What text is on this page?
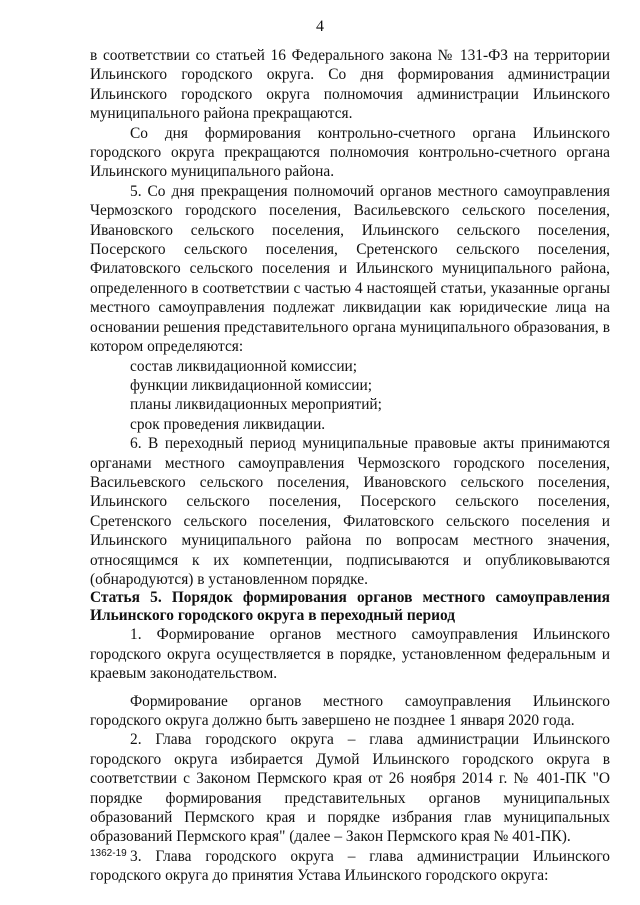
4

в соответствии со статьей 16 Федерального закона № 131-ФЗ на территории Ильинского городского округа. Со дня формирования администрации Ильинского городского округа полномочия администрации Ильинского муниципального района прекращаются.

Со дня формирования контрольно-счетного органа Ильинского городского округа прекращаются полномочия контрольно-счетного органа Ильинского муниципального района.

5. Со дня прекращения полномочий органов местного самоуправления Чермозского городского поселения, Васильевского сельского поселения, Ивановского сельского поселения, Ильинского сельского поселения, Посерского сельского поселения, Сретенского сельского поселения, Филатовского сельского поселения и Ильинского муниципального района, определенного в соответствии с частью 4 настоящей статьи, указанные органы местного самоуправления подлежат ликвидации как юридические лица на основании решения представительного органа муниципального образования, в котором определяются:

состав ликвидационной комиссии;

функции ликвидационной комиссии;

планы ликвидационных мероприятий;

срок проведения ликвидации.

6. В переходный период муниципальные правовые акты принимаются органами местного самоуправления Чермозского городского поселения, Васильевского сельского поселения, Ивановского сельского поселения, Ильинского сельского поселения, Посерского сельского поселения, Сретенского сельского поселения, Филатовского сельского поселения и Ильинского муниципального района по вопросам местного значения, относящимся к их компетенции, подписываются и опубликовываются (обнародуются) в установленном порядке.

Статья 5. Порядок формирования органов местного самоуправления Ильинского городского округа в переходный период

1. Формирование органов местного самоуправления Ильинского городского округа осуществляется в порядке, установленном федеральным и краевым законодательством.

Формирование органов местного самоуправления Ильинского городского округа должно быть завершено не позднее 1 января 2020 года.

2. Глава городского округа – глава администрации Ильинского городского округа избирается Думой Ильинского городского округа в соответствии с Законом Пермского края от 26 ноября 2014 г. № 401-ПК "О порядке формирования представительных органов муниципальных образований Пермского края и порядке избрания глав муниципальных образований Пермского края" (далее – Закон Пермского края № 401-ПК).

3. Глава городского округа – глава администрации Ильинского городского округа до принятия Устава Ильинского городского округа:

1362-19
